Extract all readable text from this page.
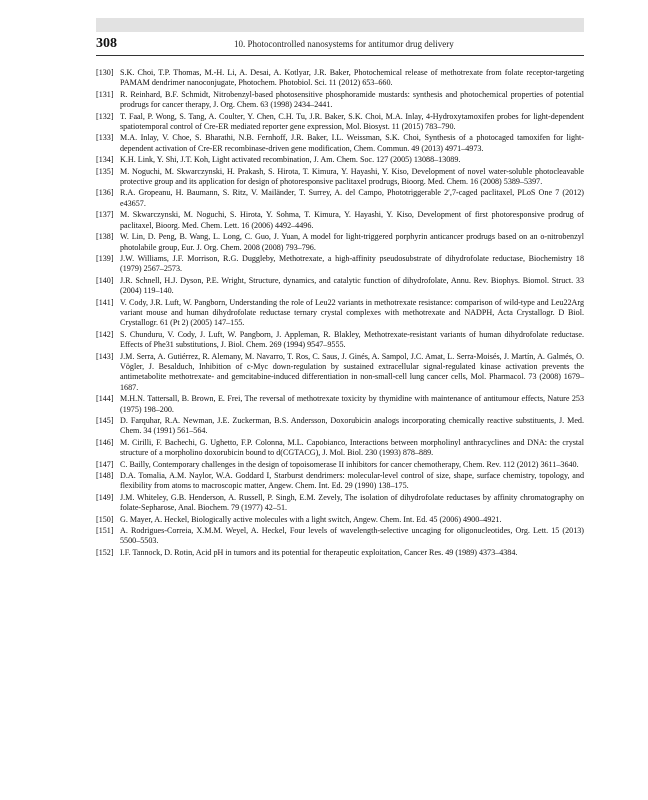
308	10. Photocontrolled nanosystems for antitumor drug delivery
[130] S.K. Choi, T.P. Thomas, M.-H. Li, A. Desai, A. Kotlyar, J.R. Baker, Photochemical release of methotrexate from folate receptor-targeting PAMAM dendrimer nanoconjugate, Photochem. Photobiol. Sci. 11 (2012) 653–660.
[131] R. Reinhard, B.F. Schmidt, Nitrobenzyl-based photosensitive phosphoramide mustards: synthesis and photochemical properties of potential prodrugs for cancer therapy, J. Org. Chem. 63 (1998) 2434–2441.
[132] T. Faal, P. Wong, S. Tang, A. Coulter, Y. Chen, C.H. Tu, J.R. Baker, S.K. Choi, M.A. Inlay, 4-Hydroxytamoxifen probes for light-dependent spatiotemporal control of Cre-ER mediated reporter gene expression, Mol. Biosyst. 11 (2015) 783–790.
[133] M.A. Inlay, V. Choe, S. Bharathi, N.B. Fernhoff, J.R. Baker, I.L. Weissman, S.K. Choi, Synthesis of a photocaged tamoxifen for light-dependent activation of Cre-ER recombinase-driven gene modification, Chem. Commun. 49 (2013) 4971–4973.
[134] K.H. Link, Y. Shi, J.T. Koh, Light activated recombination, J. Am. Chem. Soc. 127 (2005) 13088–13089.
[135] M. Noguchi, M. Skwarczynski, H. Prakash, S. Hirota, T. Kimura, Y. Hayashi, Y. Kiso, Development of novel water-soluble photocleavable protective group and its application for design of photoresponsive paclitaxel prodrugs, Bioorg. Med. Chem. 16 (2008) 5389–5397.
[136] R.A. Gropeanu, H. Baumann, S. Ritz, V. Mailänder, T. Surrey, A. del Campo, Phototriggerable 2′,7-caged paclitaxel, PLoS One 7 (2012) e43657.
[137] M. Skwarczynski, M. Noguchi, S. Hirota, Y. Sohma, T. Kimura, Y. Hayashi, Y. Kiso, Development of first photoresponsive prodrug of paclitaxel, Bioorg. Med. Chem. Lett. 16 (2006) 4492–4496.
[138] W. Lin, D. Peng, B. Wang, L. Long, C. Guo, J. Yuan, A model for light-triggered porphyrin anticancer prodrugs based on an o-nitrobenzyl photolabile group, Eur. J. Org. Chem. 2008 (2008) 793–796.
[139] J.W. Williams, J.F. Morrison, R.G. Duggleby, Methotrexate, a high-affinity pseudosubstrate of dihydrofolate reductase, Biochemistry 18 (1979) 2567–2573.
[140] J.R. Schnell, H.J. Dyson, P.E. Wright, Structure, dynamics, and catalytic function of dihydrofolate, Annu. Rev. Biophys. Biomol. Struct. 33 (2004) 119–140.
[141] V. Cody, J.R. Luft, W. Pangborn, Understanding the role of Leu22 variants in methotrexate resistance: comparison of wild-type and Leu22Arg variant mouse and human dihydrofolate reductase ternary crystal complexes with methotrexate and NADPH, Acta Crystallogr. D Biol. Crystallogr. 61 (Pt 2) (2005) 147–155.
[142] S. Chunduru, V. Cody, J. Luft, W. Pangborn, J. Appleman, R. Blakley, Methotrexate-resistant variants of human dihydrofolate reductase. Effects of Phe31 substitutions, J. Biol. Chem. 269 (1994) 9547–9555.
[143] J.M. Serra, A. Gutiérrez, R. Alemany, M. Navarro, T. Ros, C. Saus, J. Ginés, A. Sampol, J.C. Amat, L. Serra-Moisés, J. Martín, A. Galmés, O. Vögler, J. Besalduch, Inhibition of c-Myc down-regulation by sustained extracellular signal-regulated kinase activation prevents the antimetabolite methotrexate- and gemcitabine-induced differentiation in non-small-cell lung cancer cells, Mol. Pharmacol. 73 (2008) 1679–1687.
[144] M.H.N. Tattersall, B. Brown, E. Frei, The reversal of methotrexate toxicity by thymidine with maintenance of antitumour effects, Nature 253 (1975) 198–200.
[145] D. Farquhar, R.A. Newman, J.E. Zuckerman, B.S. Andersson, Doxorubicin analogs incorporating chemically reactive substituents, J. Med. Chem. 34 (1991) 561–564.
[146] M. Cirilli, F. Bachechi, G. Ughetto, F.P. Colonna, M.L. Capobianco, Interactions between morpholinyl anthracyclines and DNA: the crystal structure of a morpholino doxorubicin bound to d(CGTACG), J. Mol. Biol. 230 (1993) 878–889.
[147] C. Bailly, Contemporary challenges in the design of topoisomerase II inhibitors for cancer chemotherapy, Chem. Rev. 112 (2012) 3611–3640.
[148] D.A. Tomalia, A.M. Naylor, W.A. Goddard I, Starburst dendrimers: molecular-level control of size, shape, surface chemistry, topology, and flexibility from atoms to macroscopic matter, Angew. Chem. Int. Ed. 29 (1990) 138–175.
[149] J.M. Whiteley, G.B. Henderson, A. Russell, P. Singh, E.M. Zevely, The isolation of dihydrofolate reductases by affinity chromatography on folate-Sepharose, Anal. Biochem. 79 (1977) 42–51.
[150] G. Mayer, A. Heckel, Biologically active molecules with a light switch, Angew. Chem. Int. Ed. 45 (2006) 4900–4921.
[151] A. Rodrigues-Correia, X.M.M. Weyel, A. Heckel, Four levels of wavelength-selective uncaging for oligonucleotides, Org. Lett. 15 (2013) 5500–5503.
[152] I.F. Tannock, D. Rotin, Acid pH in tumors and its potential for therapeutic exploitation, Cancer Res. 49 (1989) 4373–4384.
